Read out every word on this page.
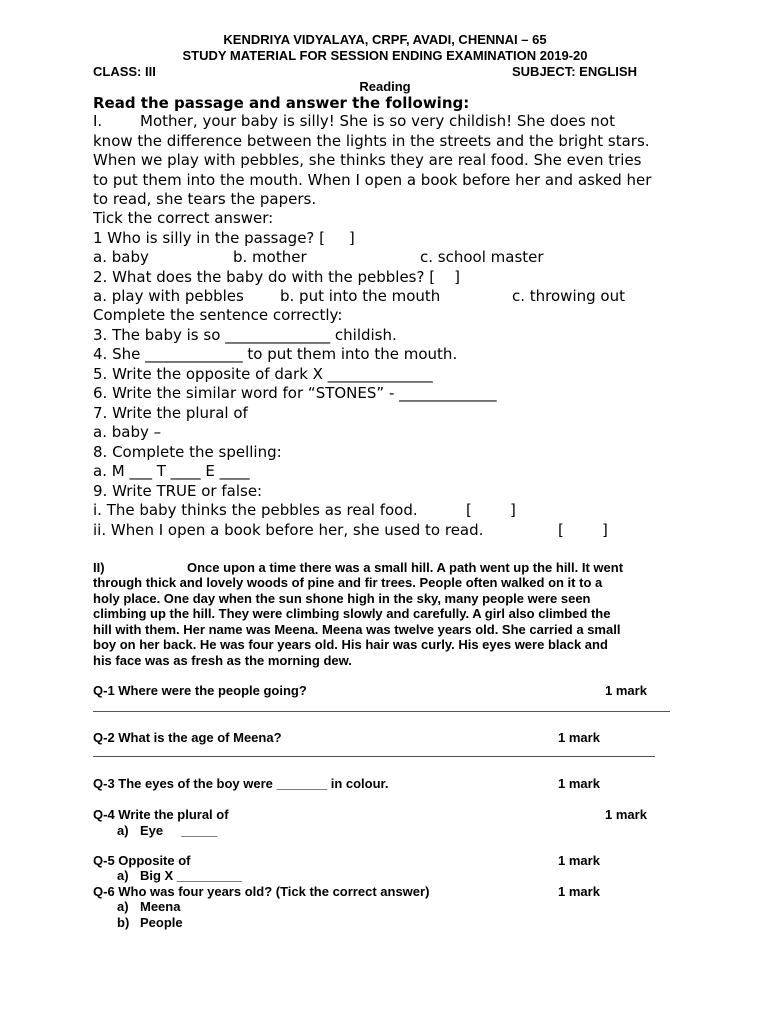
KENDRIYA VIDYALAYA, CRPF, AVADI, CHENNAI – 65
STUDY MATERIAL FOR SESSION ENDING EXAMINATION 2019-20
CLASS: III	SUBJECT: ENGLISH
Reading
Read the passage and answer the following:
I.	Mother, your baby is silly! She is so very childish! She does not
know the difference between the lights in the streets and the bright stars.
When we play with pebbles, she thinks they are real food. She even tries
to put them into the mouth. When I open a book before her and asked her
to read, she tears the papers.
Tick the correct answer:
1 Who is silly in the passage? [     ]
a. baby	b. mother	c. school master
2. What does the baby do with the pebbles? [    ]
a. play with pebbles b. put into the mouth	c. throwing out
Complete the sentence correctly:
3. The baby is so ______________ childish.
4. She _____________ to put them into the mouth.
5. Write the opposite of dark X ______________
6. Write the similar word for “STONES” - _____________
7. Write the plural of
a. baby –
8. Complete the spelling:
a. M ___ T ____ E ____
9. Write TRUE or false:
i. The baby thinks the pebbles as real food.	[        ]
ii. When I open a book before her, she used to read.	[        ]
II)	Once upon a time there was a small hill. A path went up the hill. It went
through thick and lovely woods of pine and fir trees. People often walked on it to a
holy place. One day when the sun shone high in the sky, many people were seen
climbing up the hill. They were climbing slowly and carefully. A girl also climbed the
hill with them. Her name was Meena. Meena was twelve years old. She carried a small
boy on her back. He was four years old. His hair was curly. His eyes were black and
his face was as fresh as the morning dew.
Q-1 Where were the people going?	1 mark
Q-2 What is the age of Meena?	1 mark
Q-3 The eyes of the boy were _______ in colour.	1 mark
Q-4 Write the plural of	1 mark
a) Eye     _____
Q-5 Opposite of	1 mark
a) Big X _________
Q-6 Who was four years old? (Tick the correct answer)	1 mark
a) Meena
b) People
